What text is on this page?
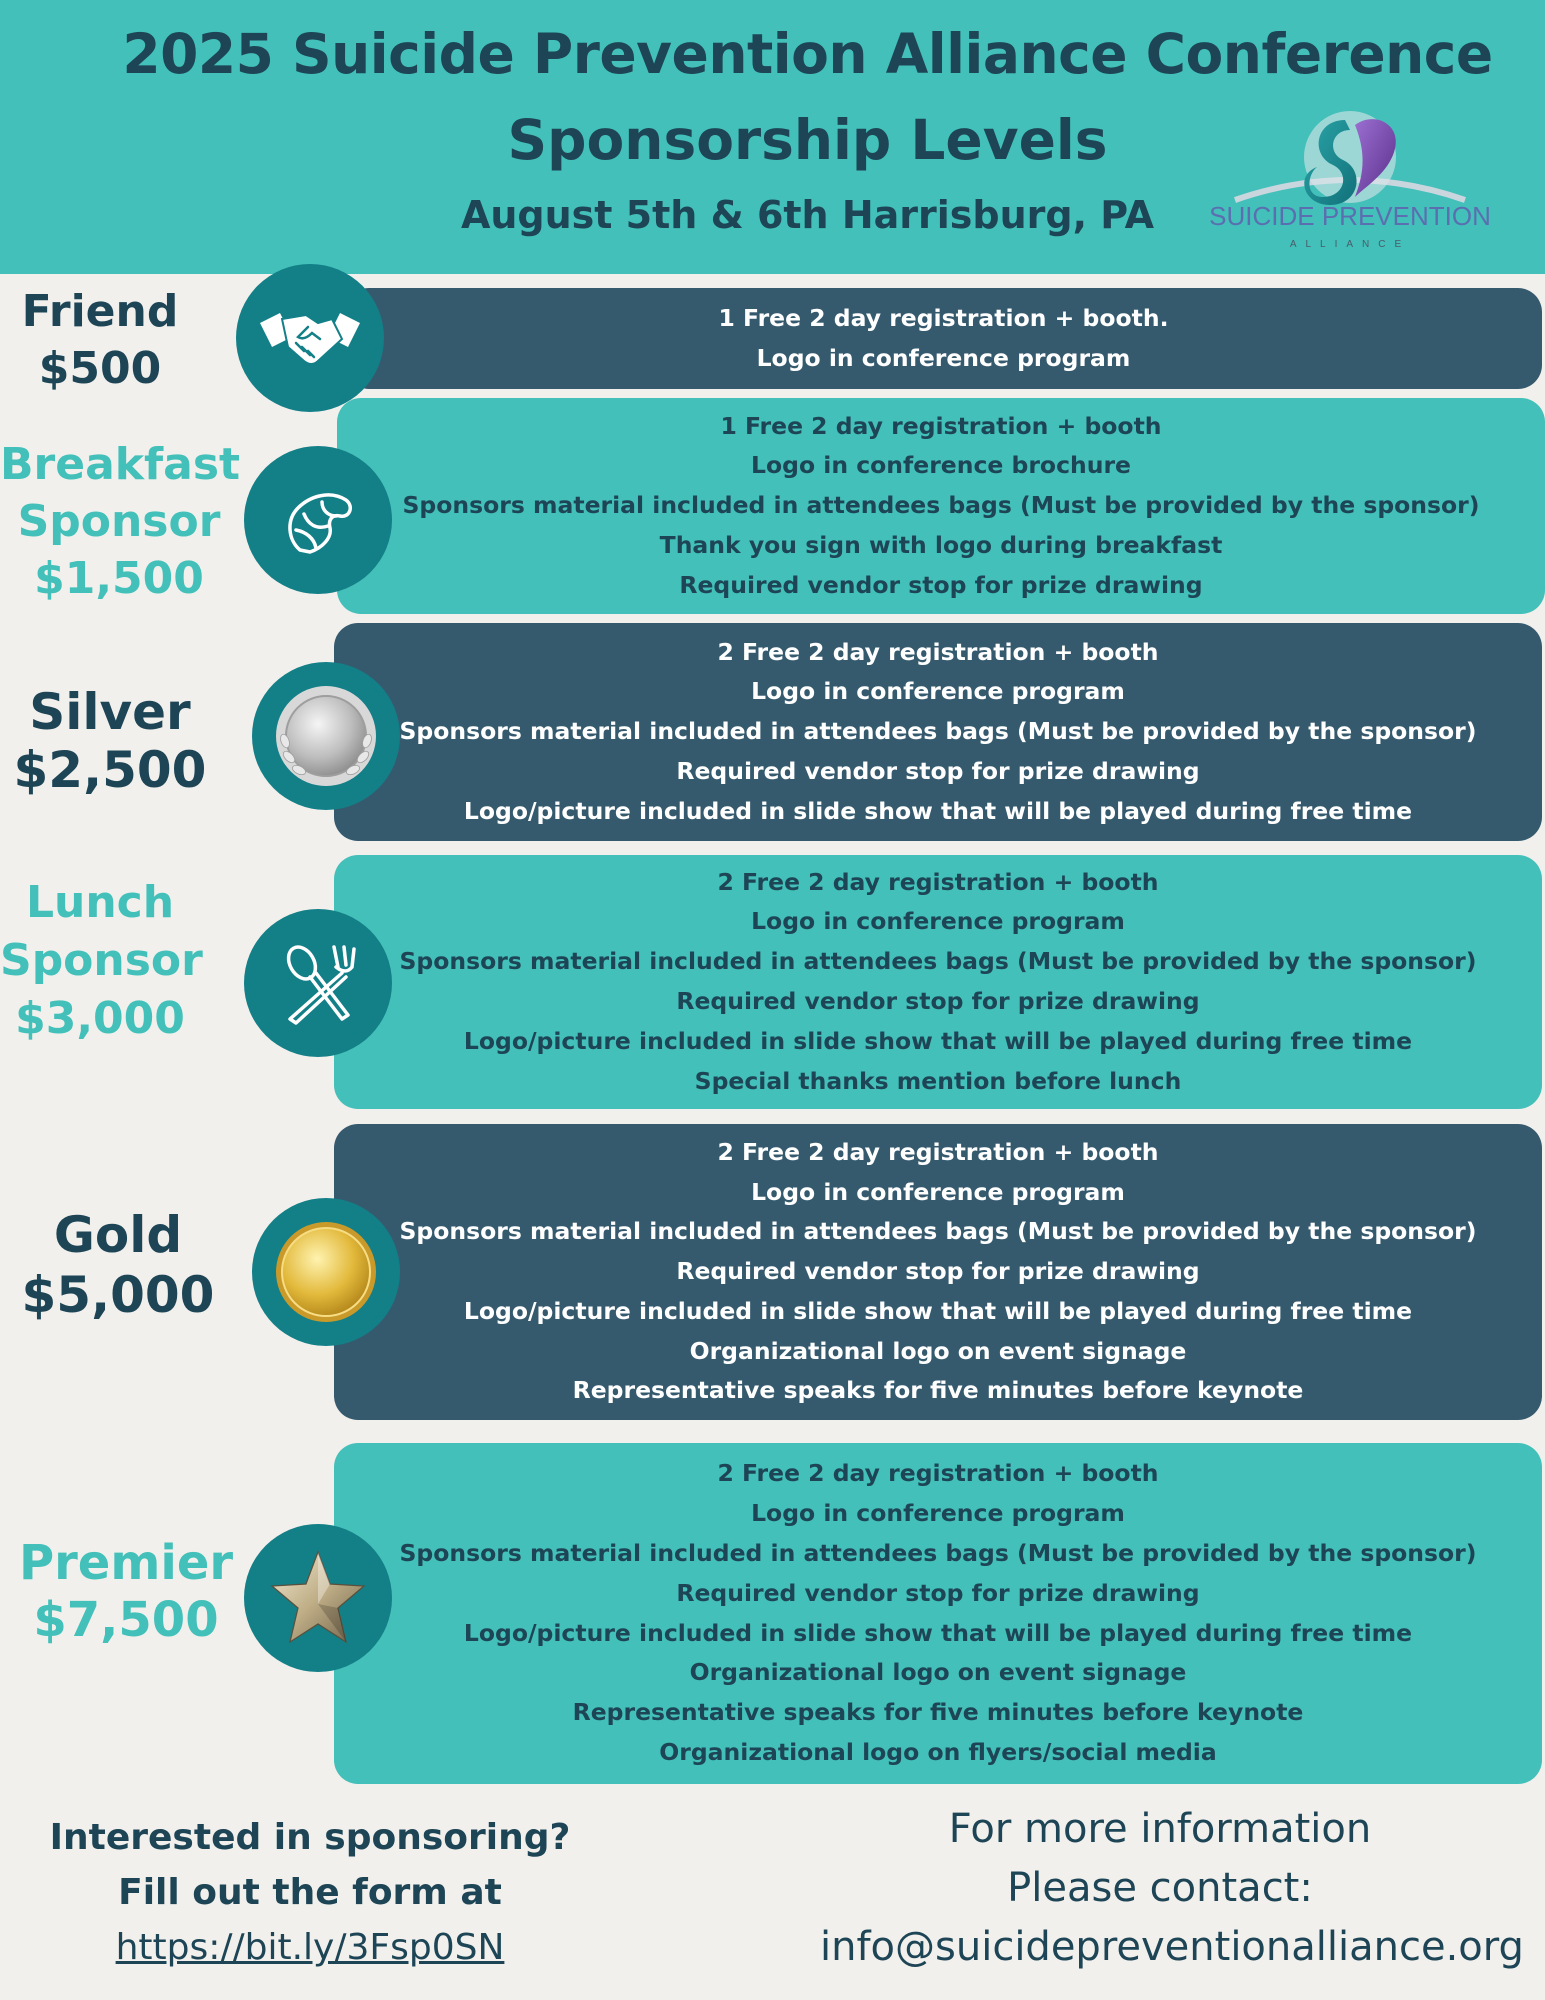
2025 Suicide Prevention Alliance Conference
Sponsorship Levels
August 5th & 6th Harrisburg, PA	SUICIDE PREVENTION
ALLIANCE
Friend
$500
1 Free 2 day registration + booth.
Logo in conference program
Breakfast
Sponsor
$1,500
1 Free 2 day registration + booth
Logo in conference brochure
Sponsors material included in attendees bags (Must be provided by the sponsor)
Thank you sign with logo during breakfast
Required vendor stop for prize drawing
Silver
$2,500
2 Free 2 day registration + booth
Logo in conference program
Sponsors material included in attendees bags (Must be provided by the sponsor)
Required vendor stop for prize drawing
Logo/picture included in slide show that will be played during free time
Lunch
Sponsor
$3,000
2 Free 2 day registration + booth
Logo in conference program
Sponsors material included in attendees bags (Must be provided by the sponsor)
Required vendor stop for prize drawing
Logo/picture included in slide show that will be played during free time
Special thanks mention before lunch
Gold
$5,000
2 Free 2 day registration + booth
Logo in conference program
Sponsors material included in attendees bags (Must be provided by the sponsor)
Required vendor stop for prize drawing
Logo/picture included in slide show that will be played during free time
Organizational logo on event signage
Representative speaks for five minutes before keynote
Premier
$7,500
2 Free 2 day registration + booth
Logo in conference program
Sponsors material included in attendees bags (Must be provided by the sponsor)
Required vendor stop for prize drawing
Logo/picture included in slide show that will be played during free time
Organizational logo on event signage
Representative speaks for five minutes before keynote
Organizational logo on flyers/social media
Interested in sponsoring?
Fill out the form at
https://bit.ly/3Fsp0SN
For more information
Please contact:
info@suicidepreventionalliance.org
